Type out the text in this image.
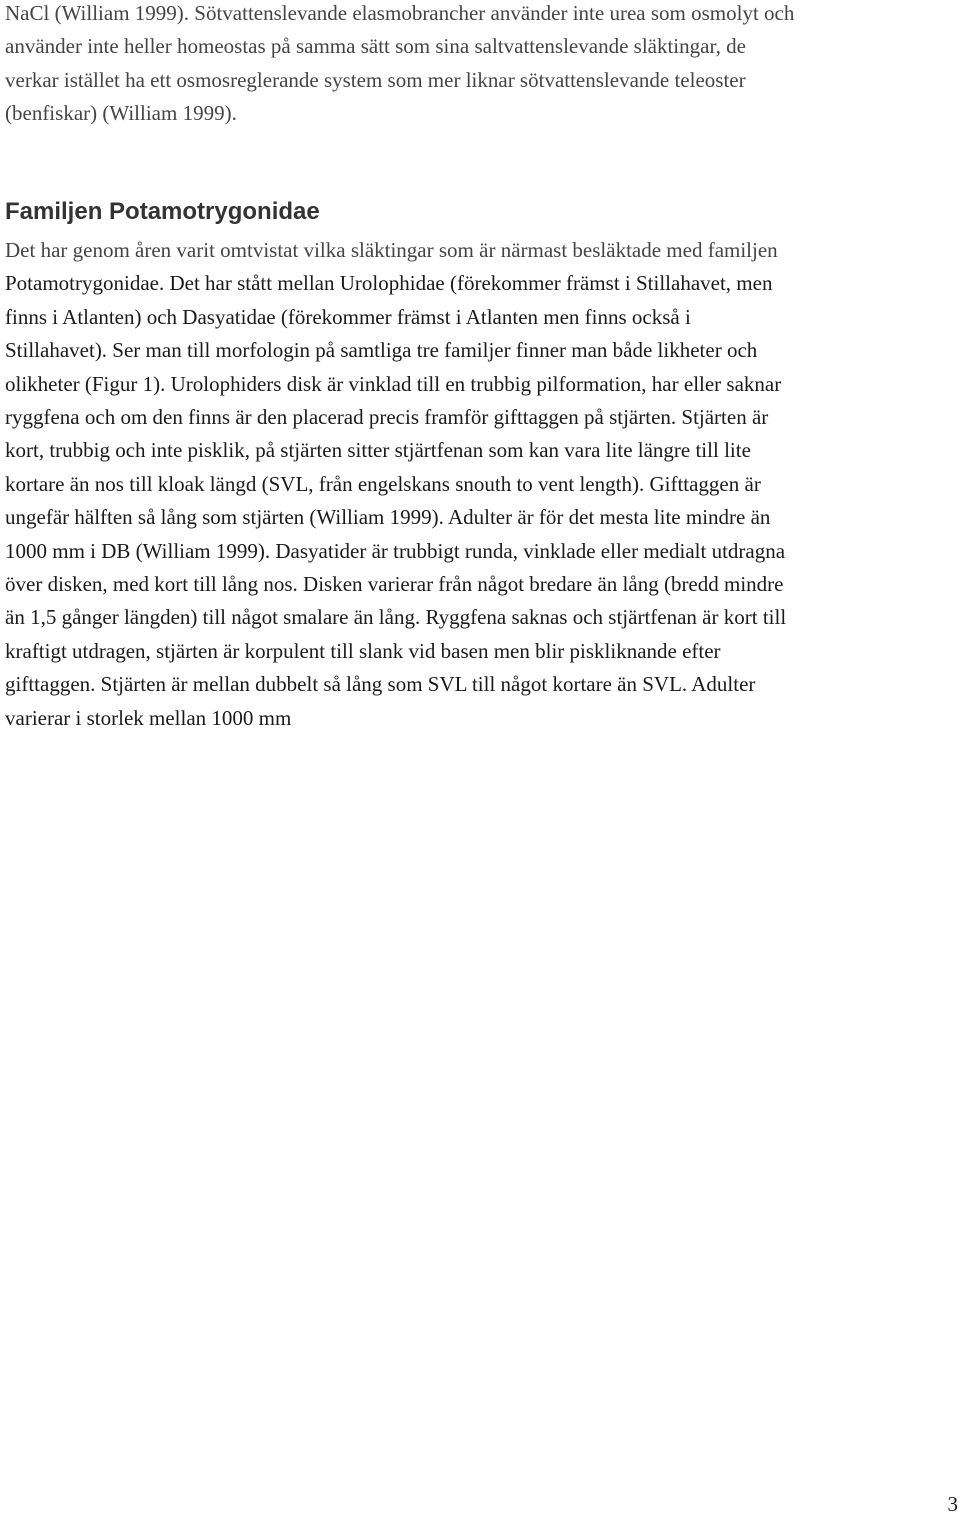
NaCl (William 1999). Sötvattenslevande elasmobrancher använder inte urea som osmolyt och
använder inte heller homeostas på samma sätt som sina saltvattenslevande släktingar, de
verkar istället ha ett osmosreglerande system som mer liknar sötvattenslevande teleoster
(benfiskar) (William 1999).
Familjen Potamotrygonidae
Det har genom åren varit omtvistat vilka släktingar som är närmast besläktade med familjen
Potamotrygonidae. Det har stått mellan Urolophidae (förekommer främst i Stillahavet, men
finns i Atlanten) och Dasyatidae (förekommer främst i Atlanten men finns också i
Stillahavet). Ser man till morfologin på samtliga tre familjer finner man både likheter och
olikheter (Figur 1). Urolophiders disk är vinklad till en trubbig pilformation, har eller saknar
ryggfena och om den finns är den placerad precis framför gifttaggen på stjärten. Stjärten är
kort, trubbig och inte pisklik, på stjärten sitter stjärtfenan som kan vara lite längre till lite
kortare än nos till kloak längd (SVL, från engelskans snouth to vent length). Gifttaggen är
ungefär hälften så lång som stjärten (William 1999). Adulter är för det mesta lite mindre än
1000 mm i DB (William 1999). Dasyatider är trubbigt runda, vinklade eller medialt utdragna
över disken, med kort till lång nos. Disken varierar från något bredare än lång (bredd mindre
än 1,5 gånger längden) till något smalare än lång. Ryggfena saknas och stjärtfenan är kort till
kraftigt utdragen, stjärten är korpulent till slank vid basen men blir piskliknande efter
gifttaggen. Stjärten är mellan dubbelt så lång som SVL till något kortare än SVL. Adulter
varierar i storlek mellan 1000 mm
3
